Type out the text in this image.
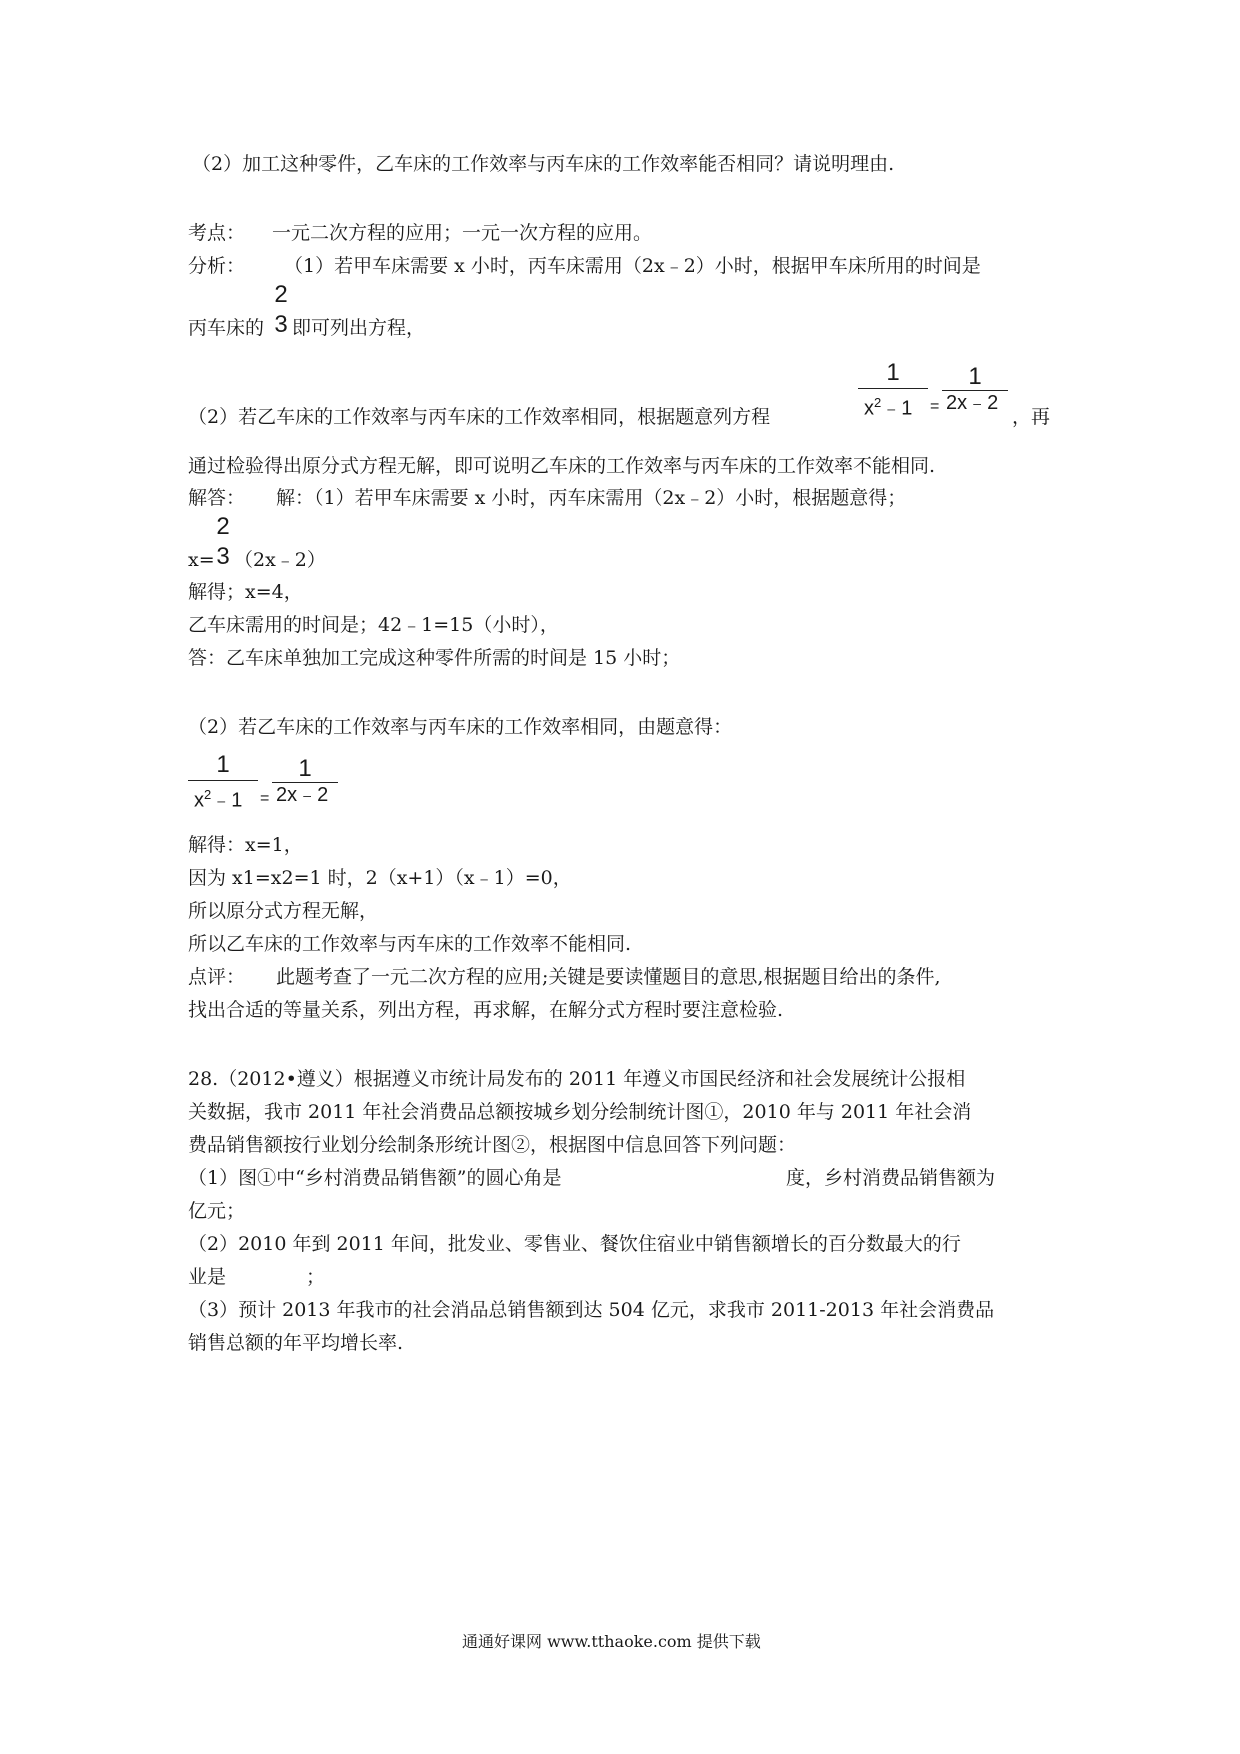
（2）加工这种零件，乙车床的工作效率与丙车床的工作效率能否相同？请说明理由.
考点： 一元二次方程的应用；一元一次方程的应用。
分析： （1）若甲车床需要 x 小时，丙车床需用（2x﹣2）小时，根据甲车床所用的时间是
2
3
丙车床的 即可列出方程，
（2）若乙车床的工作效率与丙车床的工作效率相同，根据题意列方程
1
$x^2﹣1$ =
1
2x﹣2
，再
通过检验得出原分式方程无解，即可说明乙车床的工作效率与丙车床的工作效率不能相同.
解答： 解：（1）若甲车床需要 x 小时，丙车床需用（2x﹣2）小时，根据题意得；
2
3
x= （2x﹣2）
解得；x=4，
乙车床需用的时间是；42﹣1=15（小时），
答：乙车床单独加工完成这种零件所需的时间是 15 小时；
（2）若乙车床的工作效率与丙车床的工作效率相同，由题意得：
1
$x^2﹣1$ =
1
2x﹣2
解得：x=1，
因为 x1=x2=1 时，2（x+1）（x﹣1）=0，
所以原分式方程无解，
所以乙车床的工作效率与丙车床的工作效率不能相同.
点评： 此题考查了一元二次方程的应用;关键是要读懂题目的意思,根据题目给出的条件,
找出合适的等量关系，列出方程，再求解，在解分式方程时要注意检验.
28.（2012•遵义）根据遵义市统计局发布的 2011 年遵义市国民经济和社会发展统计公报相
关数据，我市 2011 年社会消费品总额按城乡划分绘制统计图①，2010 年与 2011 年社会消
费品销售额按行业划分绘制条形统计图②，根据图中信息回答下列问题：
（1）图①中“乡村消费品销售额”的圆心角是	度，乡村消费品销售额为
亿元；
（2）2010 年到 2011 年间，批发业、零售业、餐饮住宿业中销售额增长的百分数最大的行
业是	；
（3）预计 2013 年我市的社会消品总销售额到达 504 亿元，求我市 2011-2013 年社会消费品
销售总额的年平均增长率.
通通好课网 www.tthaoke.com 提供下载
